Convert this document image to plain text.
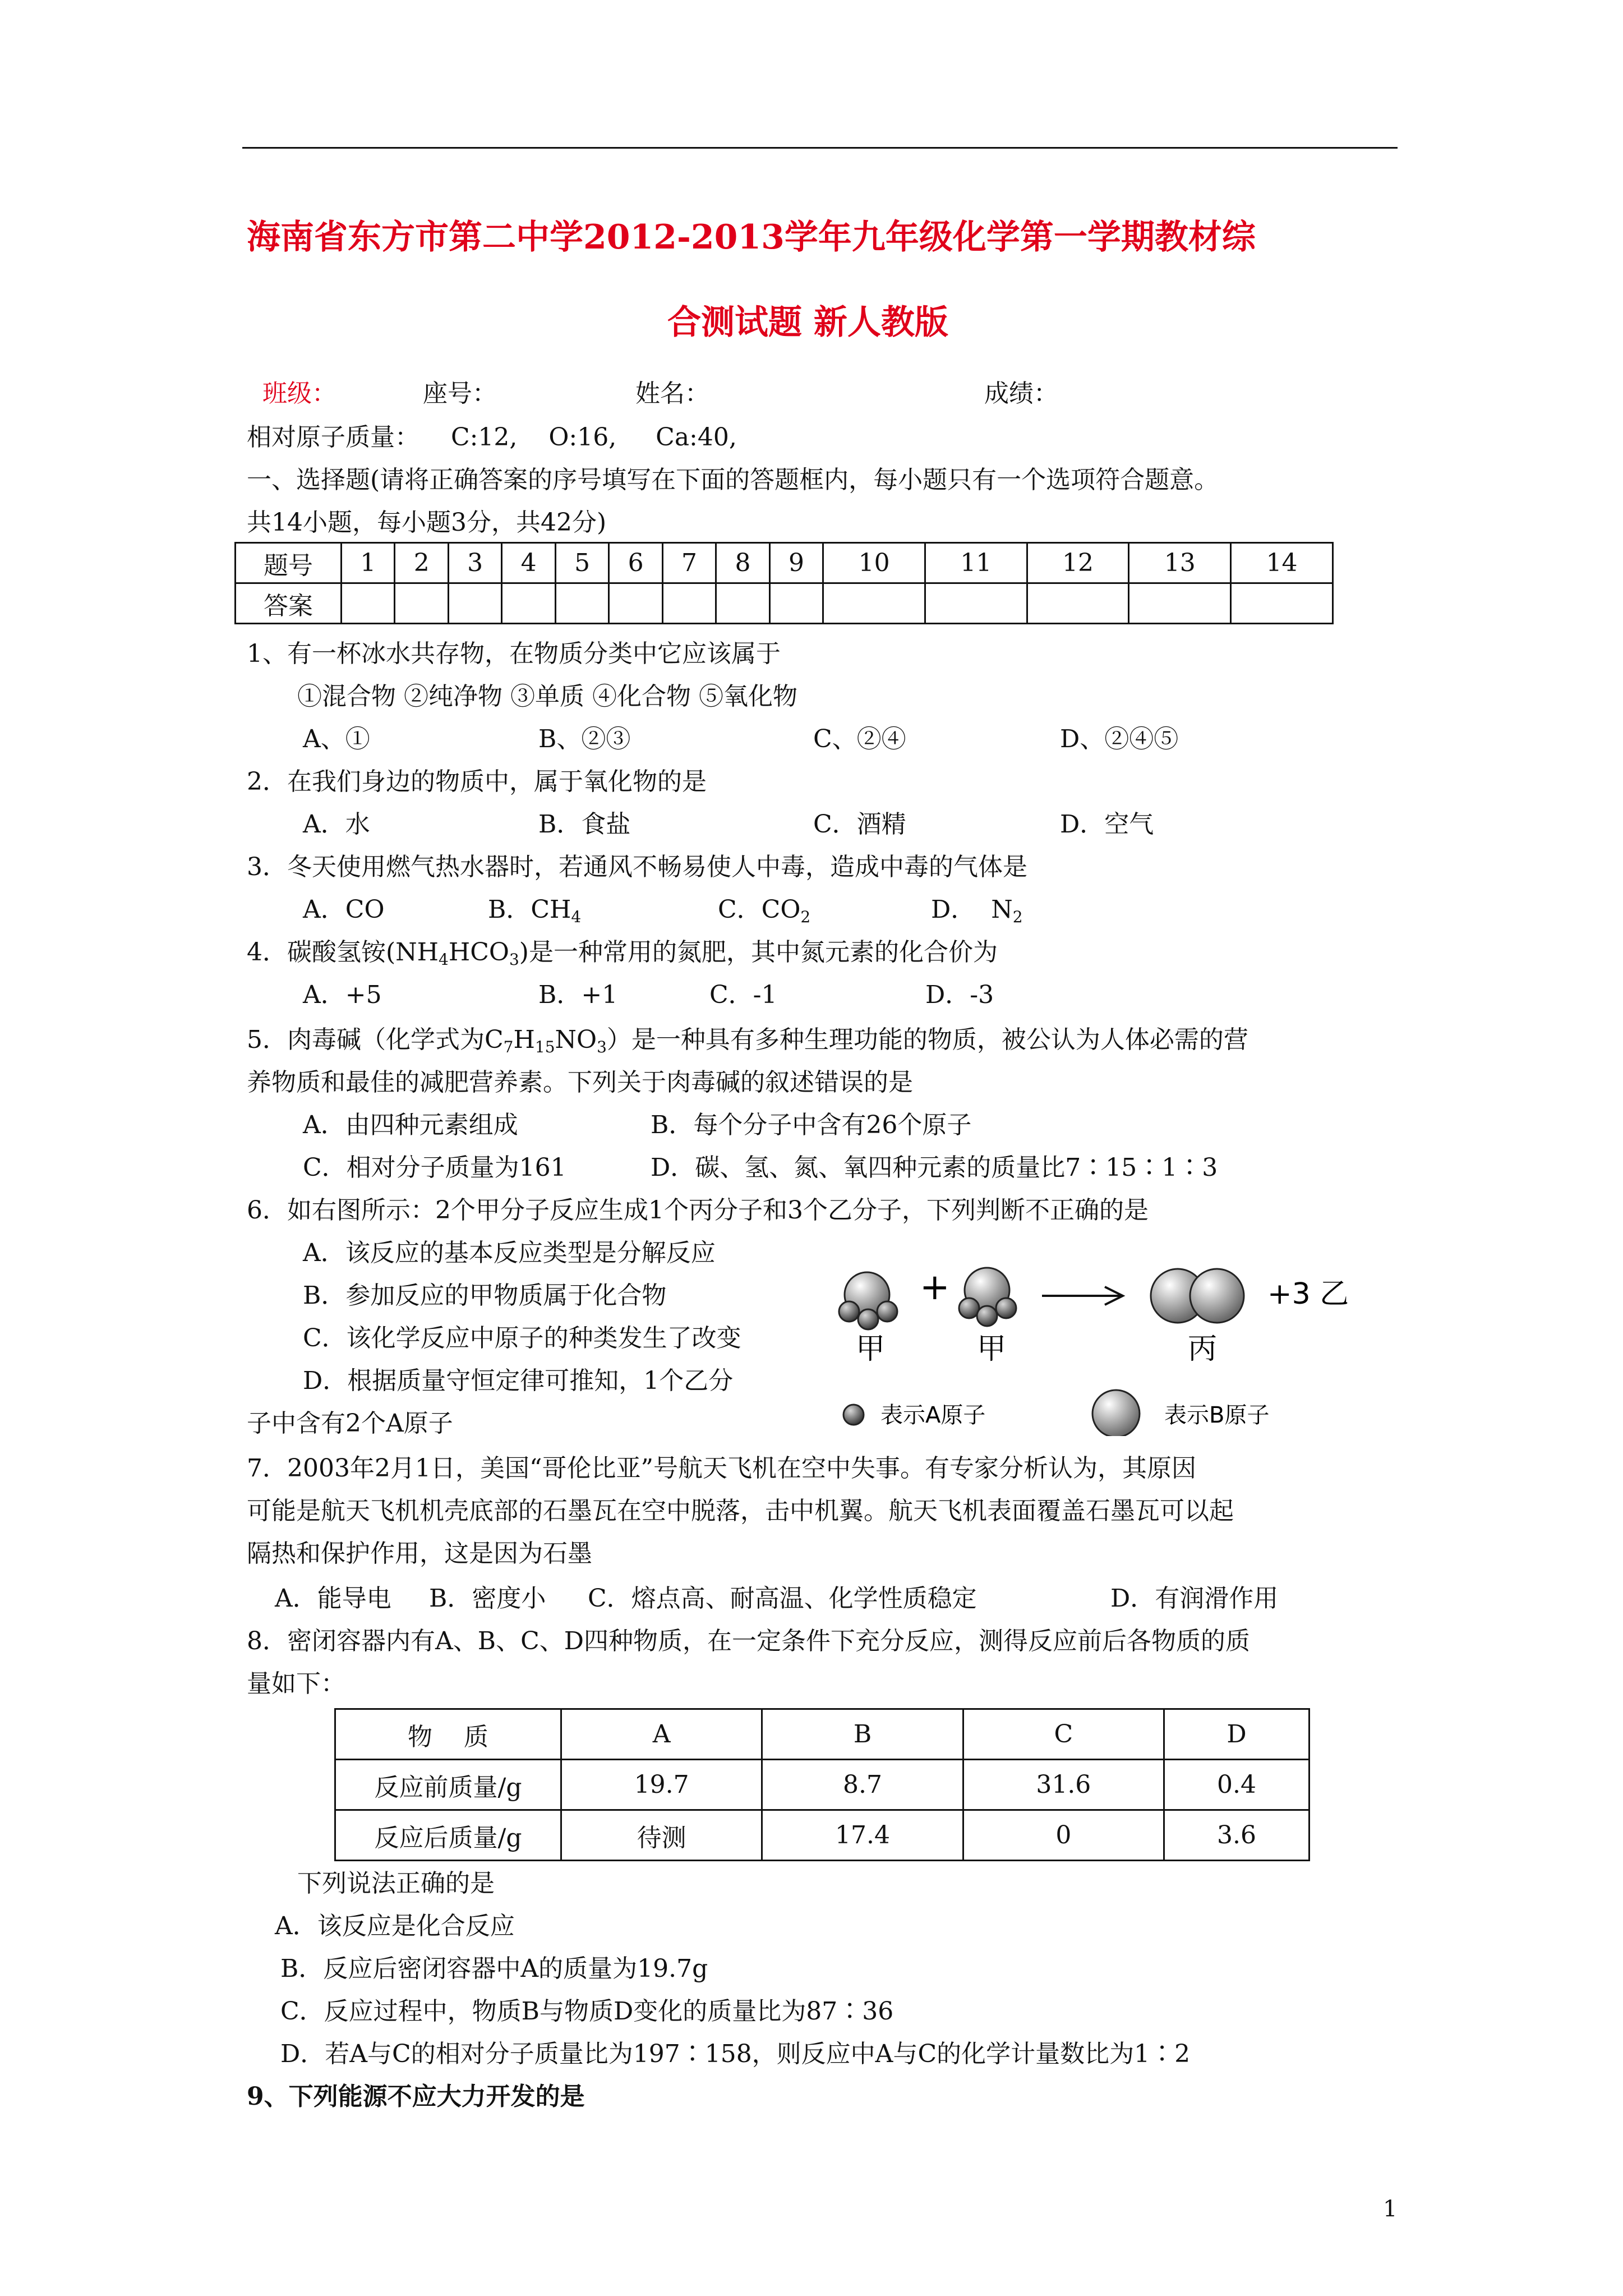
海南省东方市第二中学2012-2013学年九年级化学第一学期教材综
合测试题 新人教版
班级：	座号：	姓名：	成绩：
相对原子质量：    C:12,    O:16,     Ca:40,
一、选择题(请将正确答案的序号填写在下面的答题框内，每小题只有一个选项符合题意。
共14小题，每小题3分，共42分)
题号	1	2	3	4	5	6	7	8	9	10	11	12	13	14
答案														
1、有一杯冰水共存物，在物质分类中它应该属于
①混合物 ②纯净物 ③单质 ④化合物 ⑤氧化物
A、①	B、②③	C、②④	D、②④⑤
2．在我们身边的物质中，属于氧化物的是
A．水	B．食盐	C．酒精	D．空气
3．冬天使用燃气热水器时，若通风不畅易使人中毒，造成中毒的气体是
A．CO	B．$CH_4$	C．$CO_2$	D．  $N_2$
4．碳酸氢铵$(NH_4HCO_3)$是一种常用的氮肥，其中氮元素的化合价为
A．+5	B．+1	C．-1	D．-3
5．肉毒碱（化学式为$C_7H_{15}NO_3$）是一种具有多种生理功能的物质，被公认为人体必需的营
养物质和最佳的减肥营养素。下列关于肉毒碱的叙述错误的是
A．由四种元素组成	B．每个分子中含有26个原子
C．相对分子质量为161	D．碳、氢、氮、氧四种元素的质量比7∶15∶1∶3
6．如右图所示：2个甲分子反应生成1个丙分子和3个乙分子，下列判断不正确的是
A．该反应的基本反应类型是分解反应
B．参加反应的甲物质属于化合物
C．该化学反应中原子的种类发生了改变
D．根据质量守恒定律可推知，1个乙分
子中含有2个A原子
+	+3 乙
甲	甲	丙
表示A原子	表示B原子
7．2003年2月1日，美国“哥伦比亚”号航天飞机在空中失事。有专家分析认为，其原因
可能是航天飞机机壳底部的石墨瓦在空中脱落，击中机翼。航天飞机表面覆盖石墨瓦可以起
隔热和保护作用，这是因为石墨
A．能导电 B．密度小 C．熔点高、耐高温、化学性质稳定	D．有润滑作用
8．密闭容器内有A、B、C、D四种物质，在一定条件下充分反应，测得反应前后各物质的质
量如下：
物    质	A	B	C	D
反应前质量/g	19.7	8.7	31.6	0.4
反应后质量/g	待测	17.4	0	3.6
下列说法正确的是
A．该反应是化合反应
B．反应后密闭容器中A的质量为19.7g
C．反应过程中，物质B与物质D变化的质量比为87∶36
D．若A与C的相对分子质量比为197∶158，则反应中A与C的化学计量数比为1∶2
9、下列能源不应大力开发的是
1
